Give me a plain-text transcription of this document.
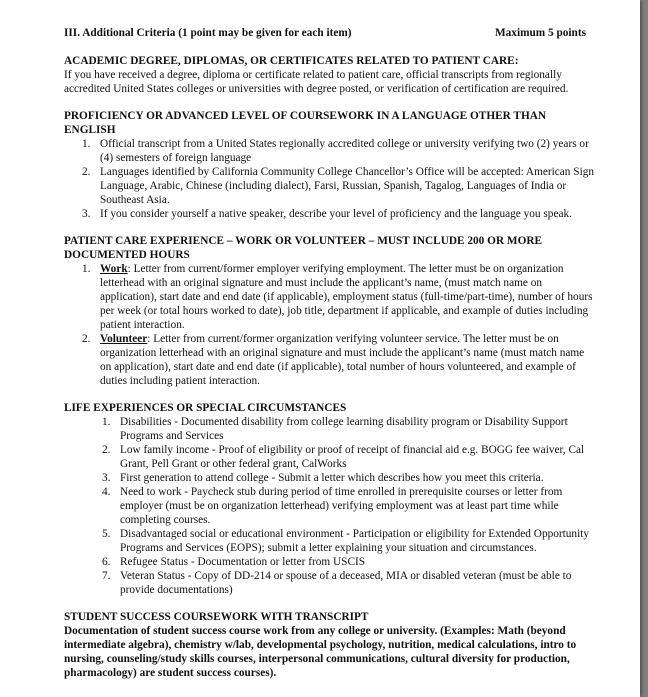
III. Additional Criteria (1 point may be given for each item)	Maximum 5 points
ACADEMIC DEGREE, DIPLOMAS, OR CERTIFICATES RELATED TO PATIENT CARE:
If you have received a degree, diploma or certificate related to patient care, official transcripts from regionally accredited United States colleges or universities with degree posted, or verification of certification are required.
PROFICIENCY OR ADVANCED LEVEL OF COURSEWORK IN A LANGUAGE OTHER THAN ENGLISH
1. Official transcript from a United States regionally accredited college or university verifying two (2) years or (4) semesters of foreign language
2. Languages identified by California Community College Chancellor’s Office will be accepted: American Sign Language, Arabic, Chinese (including dialect), Farsi, Russian, Spanish, Tagalog, Languages of India or Southeast Asia.
3. If you consider yourself a native speaker, describe your level of proficiency and the language you speak.
PATIENT CARE EXPERIENCE – WORK OR VOLUNTEER – MUST INCLUDE 200 OR MORE DOCUMENTED HOURS
1. Work: Letter from current/former employer verifying employment. The letter must be on organization letterhead with an original signature and must include the applicant’s name, (must match name on application), start date and end date (if applicable), employment status (full-time/part-time), number of hours per week (or total hours worked to date), job title, department if applicable, and example of duties including patient interaction.
2. Volunteer: Letter from current/former organization verifying volunteer service. The letter must be on organization letterhead with an original signature and must include the applicant’s name (must match name on application), start date and end date (if applicable), total number of hours volunteered, and example of duties including patient interaction.
LIFE EXPERIENCES OR SPECIAL CIRCUMSTANCES
1. Disabilities - Documented disability from college learning disability program or Disability Support Programs and Services
2. Low family income - Proof of eligibility or proof of receipt of financial aid e.g. BOGG fee waiver, Cal Grant, Pell Grant or other federal grant, CalWorks
3. First generation to attend college - Submit a letter which describes how you meet this criteria.
4. Need to work - Paycheck stub during period of time enrolled in prerequisite courses or letter from employer (must be on organization letterhead) verifying employment was at least part time while completing courses.
5. Disadvantaged social or educational environment - Participation or eligibility for Extended Opportunity Programs and Services (EOPS); submit a letter explaining your situation and circumstances.
6. Refugee Status - Documentation or letter from USCIS
7. Veteran Status - Copy of DD-214 or spouse of a deceased, MIA or disabled veteran (must be able to provide documentations)
STUDENT SUCCESS COURSEWORK WITH TRANSCRIPT
Documentation of student success course work from any college or university. (Examples: Math (beyond intermediate algebra), chemistry w/lab, developmental psychology, nutrition, medical calculations, intro to nursing, counseling/study skills courses, interpersonal communications, cultural diversity for production, pharmacology) are student success courses).
